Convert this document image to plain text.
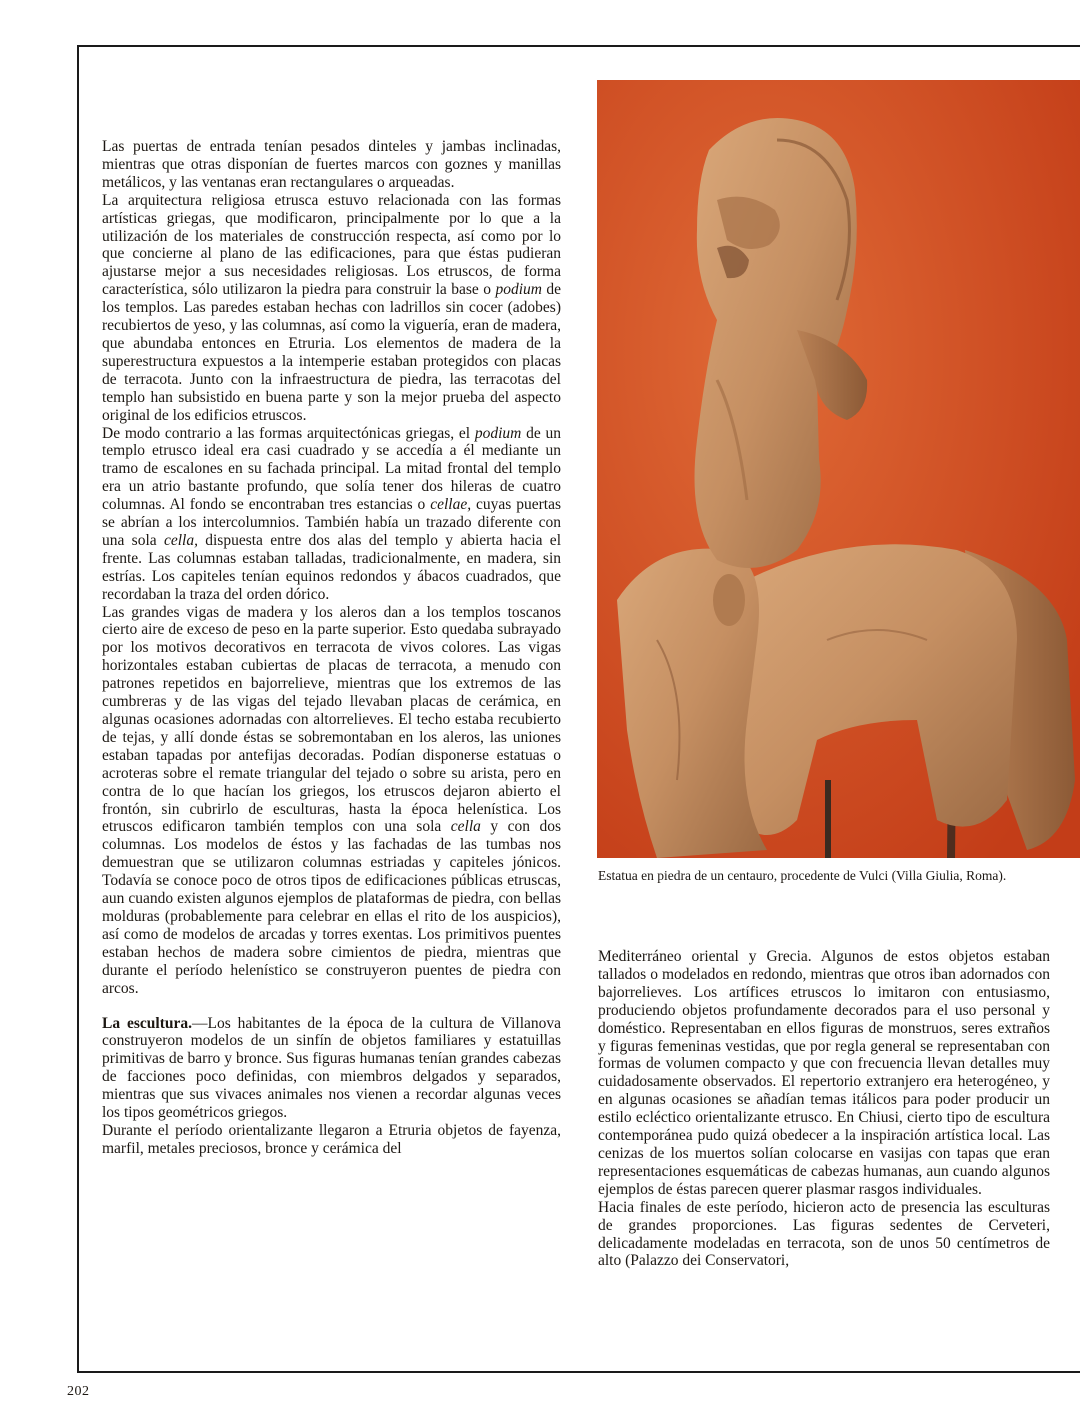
Las puertas de entrada tenían pesados dinteles y jambas inclinadas, mientras que otras disponían de fuertes marcos con goznes y manillas metálicos, y las ventanas eran rectangulares o arqueadas.

La arquitectura religiosa etrusca estuvo relacionada con las formas artísticas griegas, que modificaron, principalmente por lo que a la utilización de los materiales de construcción respecta, así como por lo que concierne al plano de las edificaciones, para que éstas pudieran ajustarse mejor a sus necesidades religiosas. Los etruscos, de forma característica, sólo utilizaron la piedra para construir la base o podium de los templos. Las paredes estaban hechas con ladrillos sin cocer (adobes) recubiertos de yeso, y las columnas, así como la viguería, eran de madera, que abundaba entonces en Etruria. Los elementos de madera de la superestructura expuestos a la intemperie estaban protegidos con placas de terracota. Junto con la infraestructura de piedra, las terracotas del templo han subsistido en buena parte y son la mejor prueba del aspecto original de los edificios etruscos.

De modo contrario a las formas arquitectónicas griegas, el podium de un templo etrusco ideal era casi cuadrado y se accedía a él mediante un tramo de escalones en su fachada principal. La mitad frontal del templo era un atrio bastante profundo, que solía tener dos hileras de cuatro columnas. Al fondo se encontraban tres estancias o cellae, cuyas puertas se abrían a los intercolumnios. También había un trazado diferente con una sola cella, dispuesta entre dos alas del templo y abierta hacia el frente. Las columnas estaban talladas, tradicionalmente, en madera, sin estrías. Los capiteles tenían equinos redondos y ábacos cuadrados, que recordaban la traza del orden dórico.

Las grandes vigas de madera y los aleros dan a los templos toscanos cierto aire de exceso de peso en la parte superior. Esto quedaba subrayado por los motivos decorativos en terracota de vivos colores. Las vigas horizontales estaban cubiertas de placas de terracota, a menudo con patrones repetidos en bajorrelieve, mientras que los extremos de las cumbreras y de las vigas del tejado llevaban placas de cerámica, en algunas ocasiones adornadas con altorrelieves. El techo estaba recubierto de tejas, y allí donde éstas se sobremontaban en los aleros, las uniones estaban tapadas por antefijas decoradas. Podían disponerse estatuas o acroteras sobre el remate triangular del tejado o sobre su arista, pero en contra de lo que hacían los griegos, los etruscos dejaron abierto el frontón, sin cubrirlo de esculturas, hasta la época helenística. Los etruscos edificaron también templos con una sola cella y con dos columnas. Los modelos de éstos y las fachadas de las tumbas nos demuestran que se utilizaron columnas estriadas y capiteles jónicos. Todavía se conoce poco de otros tipos de edificaciones públicas etruscas, aun cuando existen algunos ejemplos de plataformas de piedra, con bellas molduras (probablemente para celebrar en ellas el rito de los auspicios), así como de modelos de arcadas y torres exentas. Los primitivos puentes estaban hechos de madera sobre cimientos de piedra, mientras que durante el período helenístico se construyeron puentes de piedra con arcos.

La escultura.—Los habitantes de la época de la cultura de Villanova construyeron modelos de un sinfín de objetos familiares y estatuillas primitivas de barro y bronce. Sus figuras humanas tenían grandes cabezas de facciones poco definidas, con miembros delgados y separados, mientras que sus vivaces animales nos vienen a recordar algunas veces los tipos geométricos griegos.

Durante el período orientalizante llegaron a Etruria objetos de fayenza, marfil, metales preciosos, bronce y cerámica del

Estatua en piedra de un centauro, procedente de Vulci (Villa Giulia, Roma).

Mediterráneo oriental y Grecia. Algunos de estos objetos estaban tallados o modelados en redondo, mientras que otros iban adornados con bajorrelieves. Los artífices etruscos lo imitaron con entusiasmo, produciendo objetos profundamente decorados para el uso personal y doméstico. Representaban en ellos figuras de monstruos, seres extraños y figuras femeninas vestidas, que por regla general se representaban con formas de volumen compacto y que con frecuencia llevan detalles muy cuidadosamente observados. El repertorio extranjero era heterogéneo, y en algunas ocasiones se añadían temas itálicos para poder producir un estilo ecléctico orientalizante etrusco. En Chiusi, cierto tipo de escultura contemporánea pudo quizá obedecer a la inspiración artística local. Las cenizas de los muertos solían colocarse en vasijas con tapas que eran representaciones esquemáticas de cabezas humanas, aun cuando algunos ejemplos de éstas parecen querer plasmar rasgos individuales.

Hacia finales de este período, hicieron acto de presencia las esculturas de grandes proporciones. Las figuras sedentes de Cerveteri, delicadamente modeladas en terracota, son de unos 50 centímetros de alto (Palazzo dei Conservatori,

202
